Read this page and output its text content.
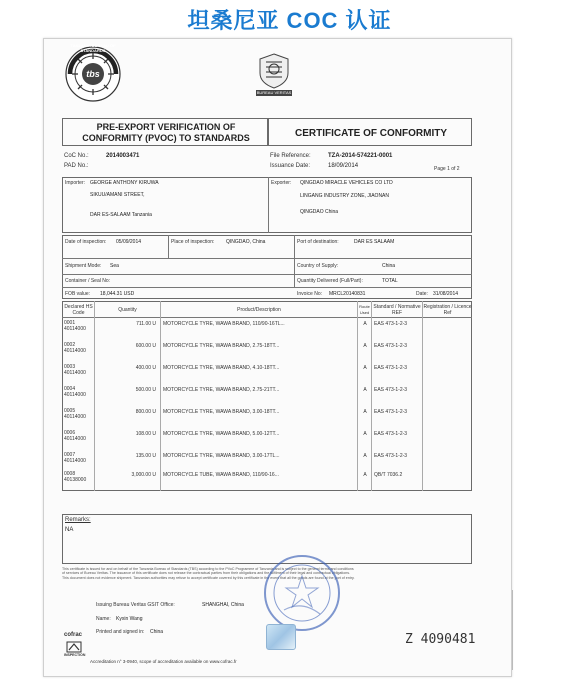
坦桑尼亚 COC 认证
TANZANIA BUREAU OF STANDARDS
tbs
BUREAU VERITAS
PRE-EXPORT VERIFICATION OF CONFORMITY (PVOC) TO STANDARDS	CERTIFICATE OF CONFORMITY
CoC No.:	2014003471
PAD No.:
File Reference:	TZA-2014-574221-0001
Issuance Date:	18/09/2014	Page 1 of 2
Importer: GEORGE ANTHONY KIRUWA
SIKUU/AMANI STREET,
DAR ES-SALAAM Tanzania
Exporter: QINGDAO MIRACLE VEHICLES CO LTD
LINGANG INDUSTRY ZONE, JIAONAN
QINGDAO China
Date of inspection: 05/09/2014	Place of inspection:	QINGDAO, China	Port of destination:	DAR ES SALAAM
Shipment Mode: Sea	Country of Supply:	China
Container / Seal No:	Quantity Delivered (Full/Part):	TOTAL
FOB value: 18,044.31 USD	Invoice No: MRCL20140831	Date: 31/08/2014
Declared HS Code	Quantity	Product/Description
Route Used
Standard / Normative REF
Registration / Licence Ref
0001
40114000
711.00 U MOTORCYCLE TYRE, WAWA BRAND, 110/90-16TL...	A	EAS 473-1-2-3
0002
40114000
600.00 U MOTORCYCLE TYRE, WAWA BRAND, 2.75-18TT...	A	EAS 473-1-2-3
0003
40114000
400.00 U MOTORCYCLE TYRE, WAWA BRAND, 4.10-18TT...	A	EAS 473-1-2-3
0004
40114000
500.00 U MOTORCYCLE TYRE, WAWA BRAND, 2.75-21TT...	A	EAS 473-1-2-3
0005
40114000
800.00 U MOTORCYCLE TYRE, WAWA BRAND, 3.00-18TT...	A	EAS 473-1-2-3
0006
40114000
108.00 U MOTORCYCLE TYRE, WAWA BRAND, 5.00-12TT...	A	EAS 473-1-2-3
0007
40114000
135.00 U MOTORCYCLE TYRE, WAWA BRAND, 3.00-17TL...	A	EAS 473-1-2-3
0008
40138000
3,000.00 U MOTORCYCLE TUBE, WAWA BRAND, 110/90-16...	A	QB/T 7036.2
Remarks:
NA
This certificate is issued for and on behalf of the Tanzania Bureau of Standards (TBS) according to the PVoC Programme of Tanzania and is subject to the general terms and conditions
of services of Bureau Veritas. The issuance of this certificate does not release the contractual parties from their obligations and the fulfilment of their legal and contractual obligations.
This document does not evidence shipment. Tanzanian authorities may refuse to accept certificate covered by this certificate in the event that all the goods are found at the port of entry.
Issuing Bureau Veritas GSIT Office:	SHANGHAI, China
Name: Kyxin Wang
Printed and signed in: China
cofrac
INSPECTION
Accreditation n° 3-0940, scope of accreditation available on www.cofrac.fr
Z 4090481
